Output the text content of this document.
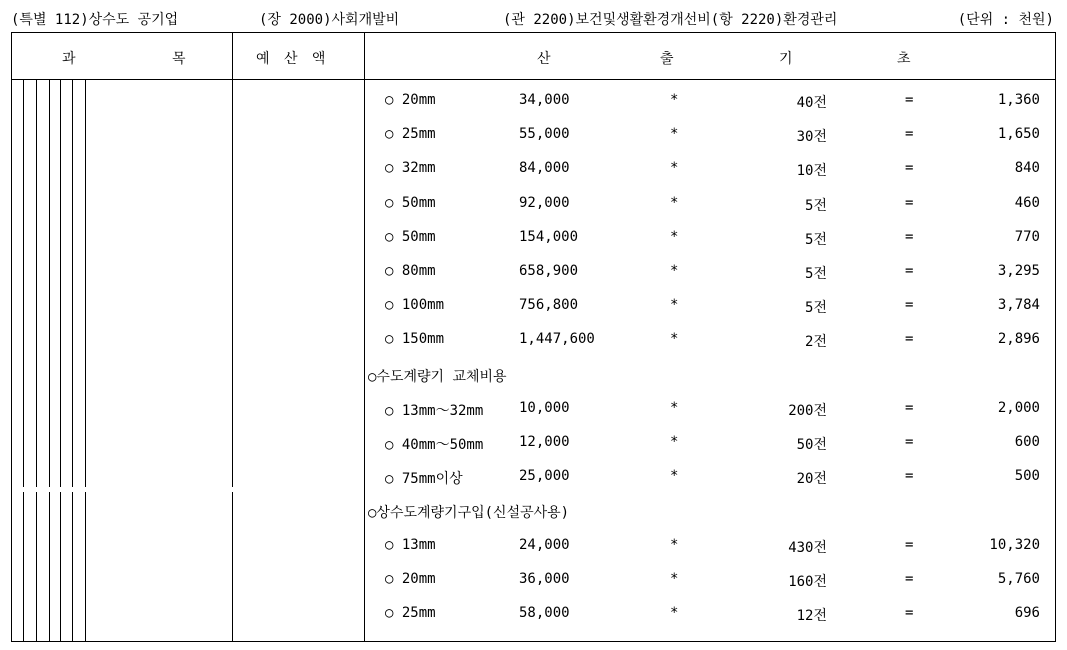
(특별 112)상수도 공기업	(장 2000)사회개발비	(관 2200)보건및생활환경개선비(항 2220)환경관리	(단위 : 천원)
과	목	예 산 액	산	출	기	초
○ 20mm	34,000	*	40전	=	1,360
○ 25mm	55,000	*	30전	=	1,650
○ 32mm	84,000	*	10전	=	840
○ 50mm	92,000	*	5전	=	460
○ 50mm	154,000	*	5전	=	770
○ 80mm	658,900	*	5전	=	3,295
○ 100mm	756,800	*	5전	=	3,784
○ 150mm	1,447,600	*	2전	=	2,896
○수도계량기 교체비용
○ 13mm～32mm	10,000	*	200전	=	2,000
○ 40mm～50mm	12,000	*	50전	=	600
○ 75mm이상	25,000	*	20전	=	500
○상수도계량기구입(신설공사용)
○ 13mm	24,000	*	430전	=	10,320
○ 20mm	36,000	*	160전	=	5,760
○ 25mm	58,000	*	12전	=	696
